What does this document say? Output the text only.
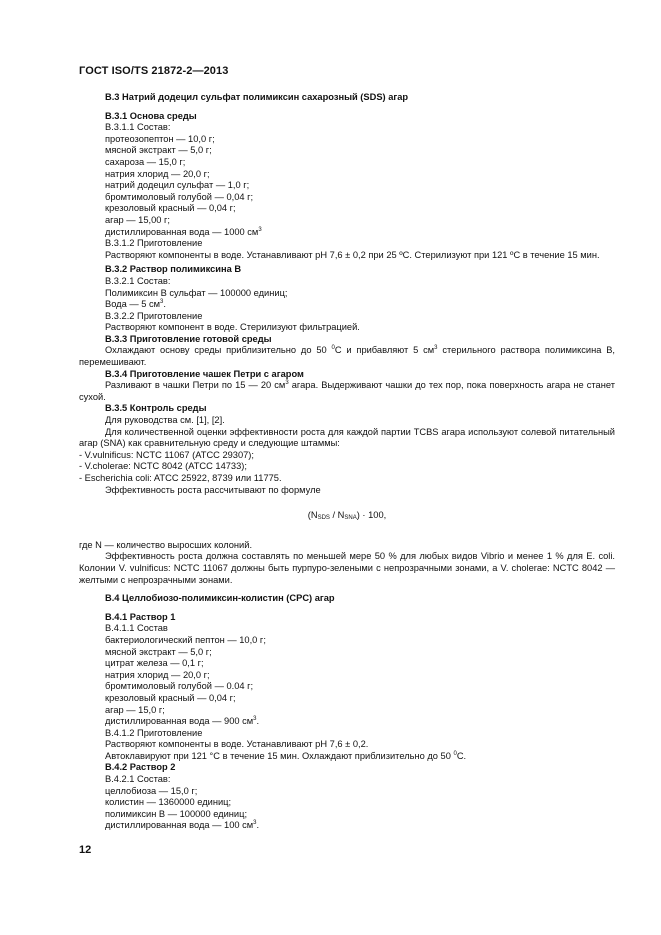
ГОСТ ISO/TS 21872-2—2013

В.3 Натрий додецил сульфат полимиксин сахарозный (SDS) агар

В.3.1 Основа среды

В.3.1.1 Состав:

протеозопептон — 10,0 г;

мясной экстракт — 5,0 г;

сахароза — 15,0 г;

натрия хлорид — 20,0 г;

натрий додецил сульфат — 1,0 г;

бромтимоловый голубой — 0,04 г;

крезоловый красный — 0,04 г;

агар — 15,00 г;

дистиллированная вода — 1000 $см^3$

В.3.1.2 Приготовление

Растворяют компоненты в воде. Устанавливают pH 7,6 ± 0,2 при 25 ºС. Стерилизуют при 121 ºС в течение 15 мин.

В.3.2 Раствор полимиксина В

В.3.2.1 Состав:

Полимиксин В сульфат — 100000 единиц;

Вода — 5 $см^3$.

В.3.2.2 Приготовление

Растворяют компонент в воде. Стерилизуют фильтрацией.

В.3.3 Приготовление готовой среды

Охлаждают основу среды приблизительно до 50 $^0$С и прибавляют 5 $см^3$ стерильного раствора полимиксина В, перемешивают.

В.3.4 Приготовление чашек Петри с агаром

Разливают в чашки Петри по 15 — 20 $см^3$ агара. Выдерживают чашки до тех пор, пока поверхность агара не станет сухой.

В.3.5 Контроль среды

Для руководства см. [1], [2].

Для количественной оценки эффективности роста для каждой партии TCBS агара используют солевой питательный агар (SNA) как сравнительную среду и следующие штаммы:

- V.vulnificus: NCTC 11067 (ATCC 29307);

- V.cholerae: NCTC 8042 (ATCC 14733);

- Escherichia coli: ATCC 25922, 8739 или 11775.

Эффективность роста рассчитывают по формуле

$(N_{SDS} / N_{SNA}) \cdot 100$,

где N — количество выросших колоний.

Эффективность роста должна составлять по меньшей мере 50 % для любых видов Vibrio и менее 1 % для E. coli. Колонии V. vulnificus: NCTC 11067 должны быть пурпуро-зелеными с непрозрачными зонами, а V. cholerae: NCTC 8042 — желтыми с непрозрачными зонами.

В.4 Целлобиозо-полимиксин-колистин (CPC) агар

В.4.1 Раствор 1

В.4.1.1 Состав

бактериологический пептон — 10,0 г;

мясной экстракт — 5,0 г;

цитрат железа — 0,1 г;

натрия хлорид — 20,0 г;

бромтимоловый голубой — 0.04 г;

крезоловый красный — 0,04 г;

агар — 15,0 г;

дистиллированная вода — 900 $см^3$.

В.4.1.2 Приготовление

Растворяют компоненты в воде. Устанавливают pH 7,6 ± 0,2.

Автоклавируют при 121 °С в течение 15 мин. Охлаждают приблизительно до 50 $^0$С.

В.4.2 Раствор 2

В.4.2.1 Состав:

целлобиоза — 15,0 г;

колистин — 1360000 единиц;

полимиксин В — 100000 единиц;

дистиллированная вода — 100 $см^3$.

12
